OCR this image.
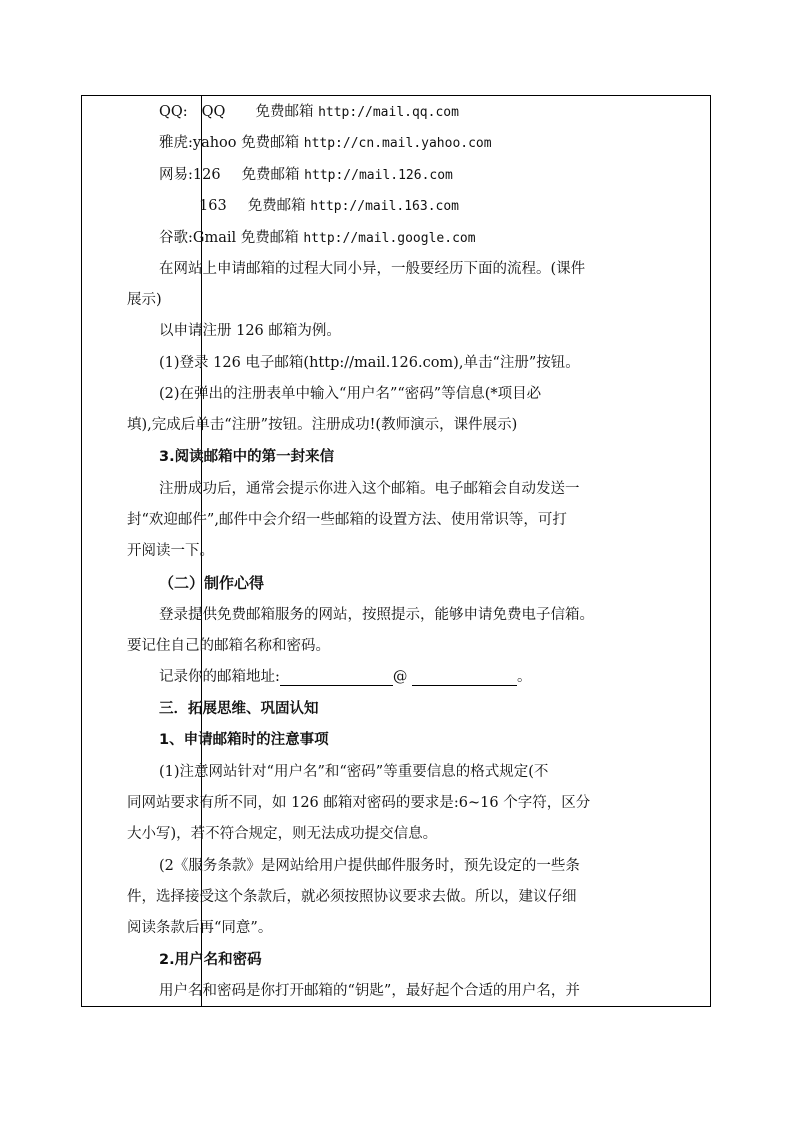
QQ: QQ 免费邮箱 http://mail.qq.com
雅虎:yahoo 免费邮箱 http://cn.mail.yahoo.com
网易:126 免费邮箱 http://mail.126.com
163 免费邮箱 http://mail.163.com
谷歌:Gmail 免费邮箱 http://mail.google.com
在网站上申请邮箱的过程大同小异，一般要经历下面的流程。(课件
展示)
以申请注册 126 邮箱为例。
(1)登录 126 电子邮箱(http://mail.126.com),单击“注册”按钮。
(2)在弹出的注册表单中输入“用户名”“密码”等信息(*项目必
填),完成后单击“注册”按钮。注册成功!(教师演示，课件展示)
3.阅读邮箱中的第一封来信
注册成功后，通常会提示你进入这个邮箱。电子邮箱会自动发送一
封“欢迎邮件”,邮件中会介绍一些邮箱的设置方法、使用常识等，可打
开阅读一下。
（二）制作心得
登录提供免费邮箱服务的网站，按照提示，能够申请免费电子信箱。
要记住自己的邮箱名称和密码。
记录你的邮箱地址:	@	。
三．拓展思维、巩固认知
1、申请邮箱时的注意事项
(1)注意网站针对“用户名”和“密码”等重要信息的格式规定(不
同网站要求有所不同，如 126 邮箱对密码的要求是:6~16 个字符，区分
大小写)，若不符合规定，则无法成功提交信息。
(2《服务条款》是网站给用户提供邮件服务时，预先设定的一些条
件，选择接受这个条款后，就必须按照协议要求去做。所以，建议仔细
阅读条款后再“同意”。
2.用户名和密码
用户名和密码是你打开邮箱的“钥匙”，最好起个合适的用户名，并
